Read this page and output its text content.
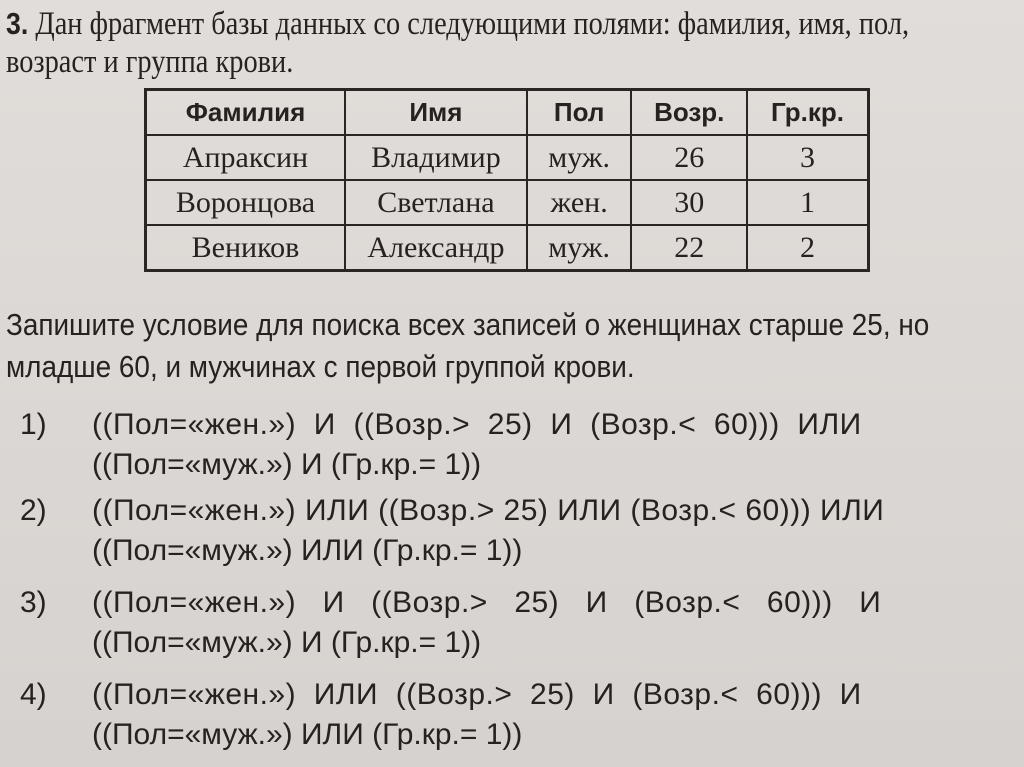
3. Дан фрагмент базы данных со следующими полями: фамилия, имя, пол,
возраст и группа крови.
Фамилия	Имя	Пол	Возр.	Гр.кр.
Апраксин	Владимир	муж.	26	3
Воронцова	Светлана	жен.	30	1
Веников	Александр	муж.	22	2
Запишите условие для поиска всех записей о женщинах старше 25, но
младше 60, и мужчинах с первой группой крови.
1) ((Пол=«жен.»)  И  ((Возр.>  25)  И  (Возр.<  60)))  ИЛИ
((Пол=«муж.») И (Гр.кр.= 1))
2) ((Пол=«жен.») ИЛИ ((Возр.> 25) ИЛИ (Возр.< 60))) ИЛИ
((Пол=«муж.») ИЛИ (Гр.кр.= 1))
3) ((Пол=«жен.»)   И   ((Возр.>   25)   И   (Возр.<   60)))   И
((Пол=«муж.») И (Гр.кр.= 1))
4) ((Пол=«жен.»)  ИЛИ  ((Возр.>  25)  И  (Возр.<  60)))  И
((Пол=«муж.») ИЛИ (Гр.кр.= 1))
